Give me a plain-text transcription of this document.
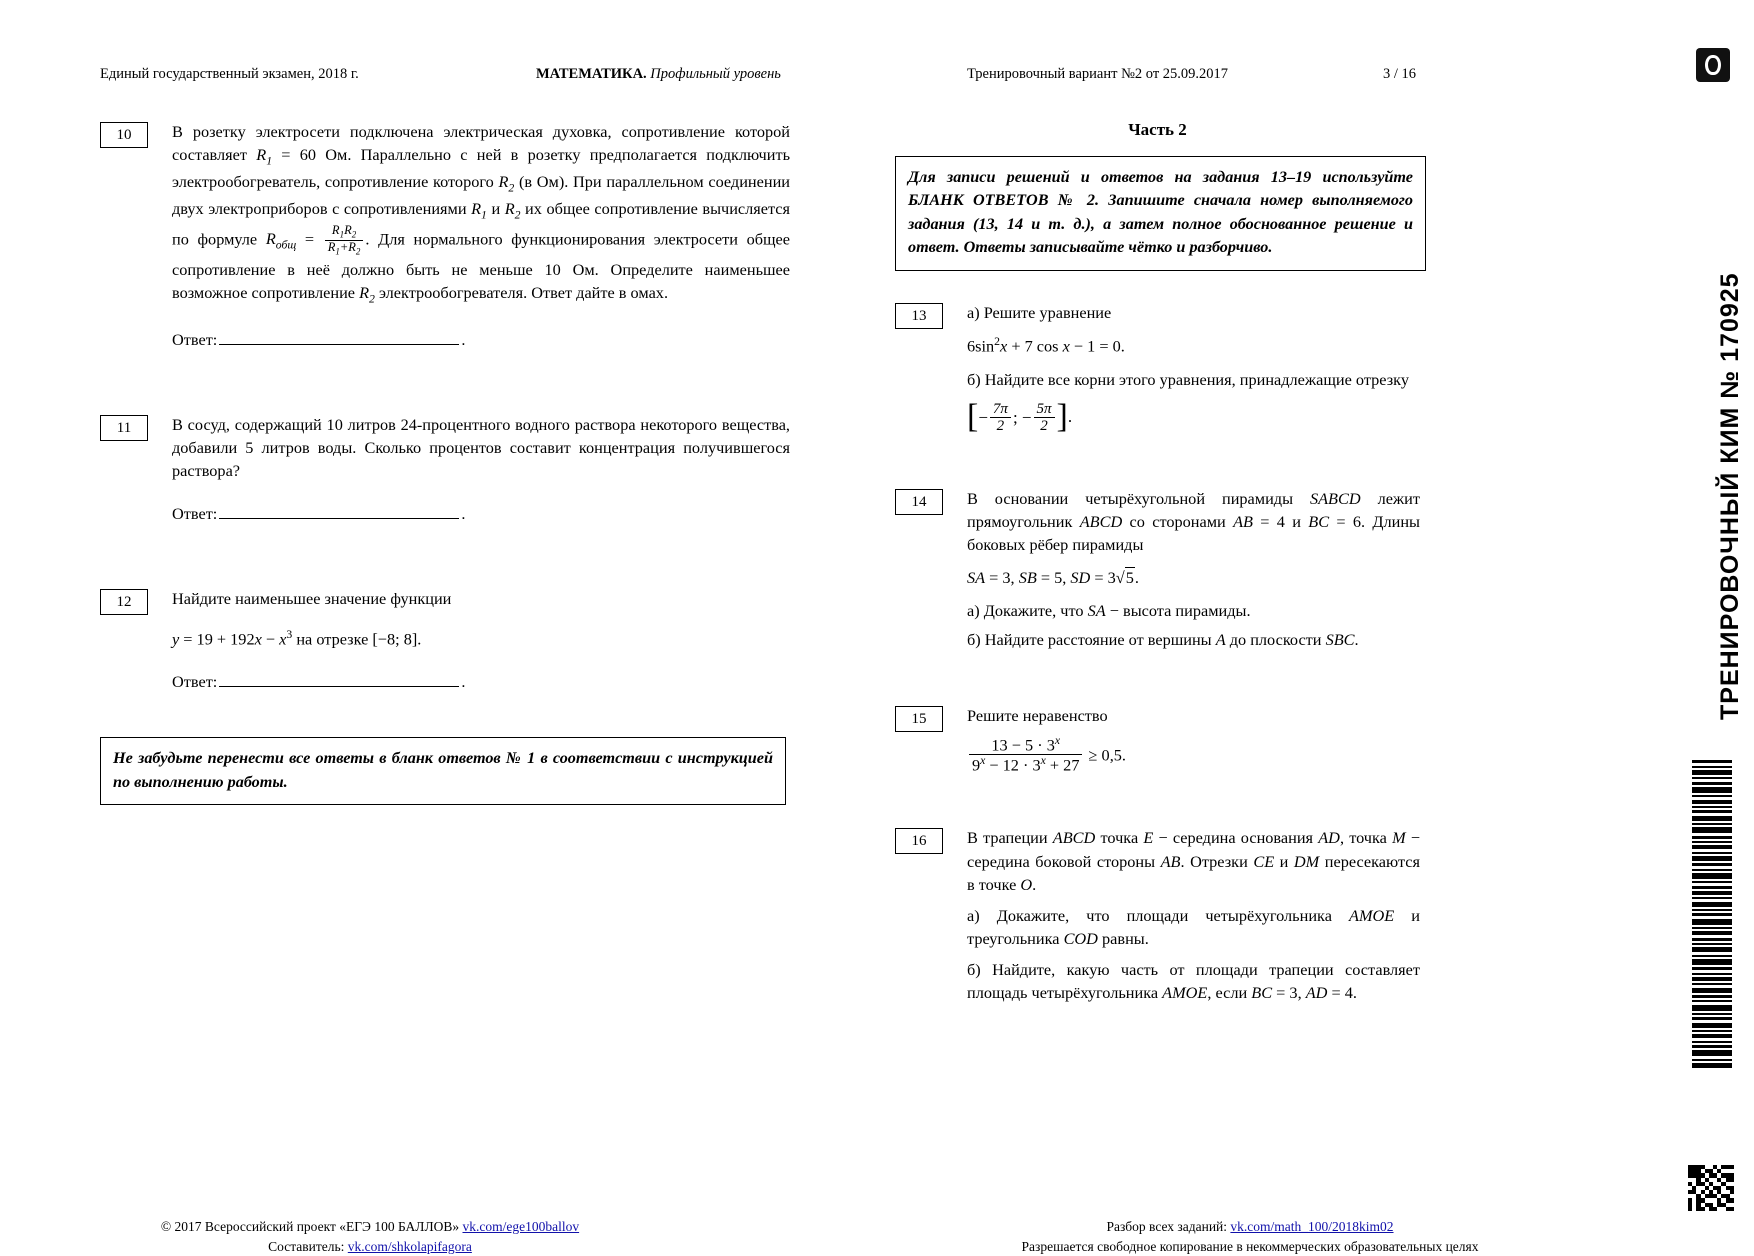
Единый государственный экзамен, 2018 г.	МАТЕМАТИКА. Профильный уровень	Тренировочный вариант №2 от 25.09.2017	3 / 16
10	В розетку электросети подключена электрическая духовка, сопротивление которой составляет $R_1 = 60$ Ом. Параллельно с ней в розетку предполагается подключить электрообогреватель, сопротивление которого $R_2$ (в Ом). При параллельном соединении двух электроприборов с сопротивлениями $R_1$ и $R_2$ их общее сопротивление вычисляется по формуле $R_{общ} = \frac{R_1R_2}{R_1+R_2}$ . Для нормального функционирования электросети общее сопротивление в неё должно быть не меньше 10 Ом. Определите наименьшее возможное сопротивление $R_2$ электрообогревателя. Ответ дайте в омах.
Ответ:	.
11	В сосуд, содержащий 10 литров 24-процентного водного раствора некоторого вещества, добавили 5 литров воды. Сколько процентов составит концентрация получившегося раствора?
Ответ:	.
12	Найдите наименьшее значение функции
$y = 19 + 192x - x^3$ на отрезке [−8; 8].
Ответ:	.
Не забудьте перенести все ответы в бланк ответов № 1 в соответствии с инструкцией по выполнению работы.
Часть 2
Для записи решений и ответов на задания 13–19 используйте БЛАНК ОТВЕТОВ № 2. Запишите сначала номер выполняемого задания (13, 14 и т. д.), а затем полное обоснованное решение и ответ. Ответы записывайте чётко и разборчиво.
13	а) Решите уравнение
$6\sin^2x + 7$ cos x − 1 = 0.
б) Найдите все корни этого уравнения, принадлежащие отрезку
[− $\frac{7\pi}{2}$ ; − $\frac{5\pi}{2}$ ].
14	В основании четырёхугольной пирамиды SABCD лежит прямоугольник ABCD со сторонами AB = 4 и BC = 6. Длины боковых рёбер пирамиды
SA = 3, SB = 5, SD = 3√5.
а) Докажите, что SA − высота пирамиды.
б) Найдите расстояние от вершины A до плоскости SBC.
15	Решите неравенство
$\frac{13 - 5 \cdot 3^x}{9^x - 12 \cdot 3^x + 27} \ge 0,5$.
16	В трапеции ABCD точка E − середина основания AD, точка M − середина боковой стороны AB. Отрезки CE и DM пересекаются в точке O.
а) Докажите, что площади четырёхугольника AMOE и треугольника COD равны.
б) Найдите, какую часть от площади трапеции составляет площадь четырёхугольника AMOE, если BC = 3, AD = 4.
ТРЕНИРОВОЧНЫЙ КИМ № 170925
© 2017 Всероссийский проект «ЕГЭ 100 БАЛЛОВ» vk.com/ege100ballov
Составитель: vk.com/shkolapifagora
Разбор всех заданий: vk.com/math_100/2018kim02
Разрешается свободное копирование в некоммерческих образовательных целях
